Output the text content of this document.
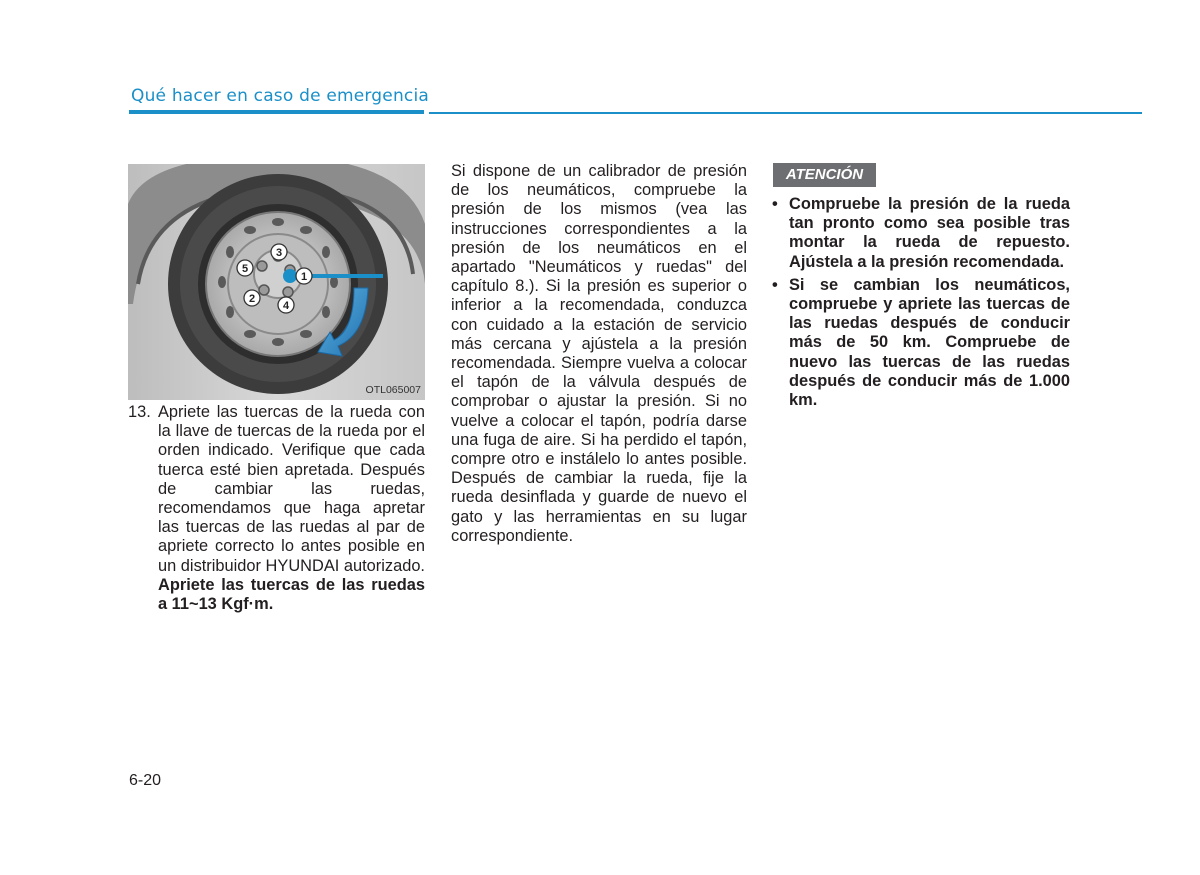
Qué hacer en caso de emergencia
1
2
3
4
5
OTL065007
13. Apriete las tuercas de la rueda con la llave de tuercas de la rueda por el orden indicado. Verifique que cada tuerca esté bien apretada. Después de cambiar las ruedas, recomendamos que haga apretar las tuercas de las ruedas al par de apriete correcto lo antes posible en un distribuidor HYUNDAI autorizado. Apriete las tuercas de las ruedas a 11~13 Kgf·m.
Si dispone de un calibrador de presión de los neumáticos, compruebe la presión de los mismos (vea las instrucciones correspondientes a la presión de los neumáticos en el apartado "Neumáticos y ruedas" del capítulo 8.). Si la presión es superior o inferior a la recomendada, conduzca con cuidado a la estación de servicio más cercana y ajústela a la presión recomendada. Siempre vuelva a colocar el tapón de la válvula después de comprobar o ajustar la presión. Si no vuelve a colocar el tapón, podría darse una fuga de aire. Si ha perdido el tapón, compre otro e instálelo lo antes posible. Después de cambiar la rueda, fije la rueda desinflada y guarde de nuevo el gato y las herramientas en su lugar correspondiente.
ATENCIÓN
• Compruebe la presión de la rueda tan pronto como sea posible tras montar la rueda de repuesto. Ajústela a la presión recomendada.
• Si se cambian los neumáticos, compruebe y apriete las tuercas de las ruedas después de conducir más de 50 km. Compruebe de nuevo las tuercas de las ruedas después de conducir más de 1.000 km.
6-20
